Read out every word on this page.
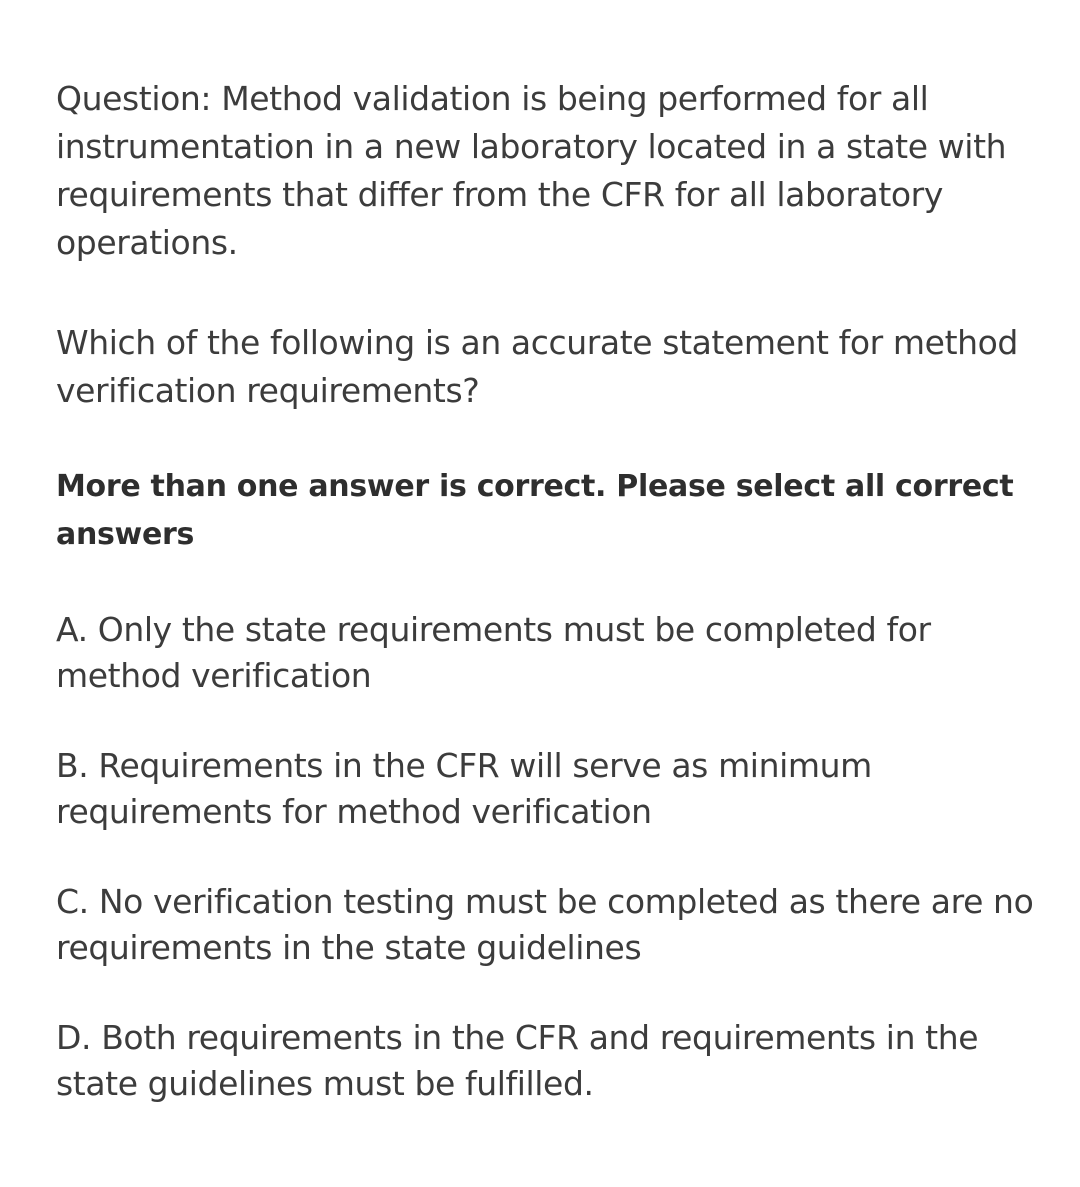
Question: Method validation is being performed for all instrumentation in a new laboratory located in a state with requirements that differ from the CFR for all laboratory operations.

Which of the following is an accurate statement for method verification requirements?

More than one answer is correct. Please select all correct answers

A. Only the state requirements must be completed for method verification

B. Requirements in the CFR will serve as minimum requirements for method verification

C. No verification testing must be completed as there are no requirements in the state guidelines

D. Both requirements in the CFR and requirements in the state guidelines must be fulfilled.
